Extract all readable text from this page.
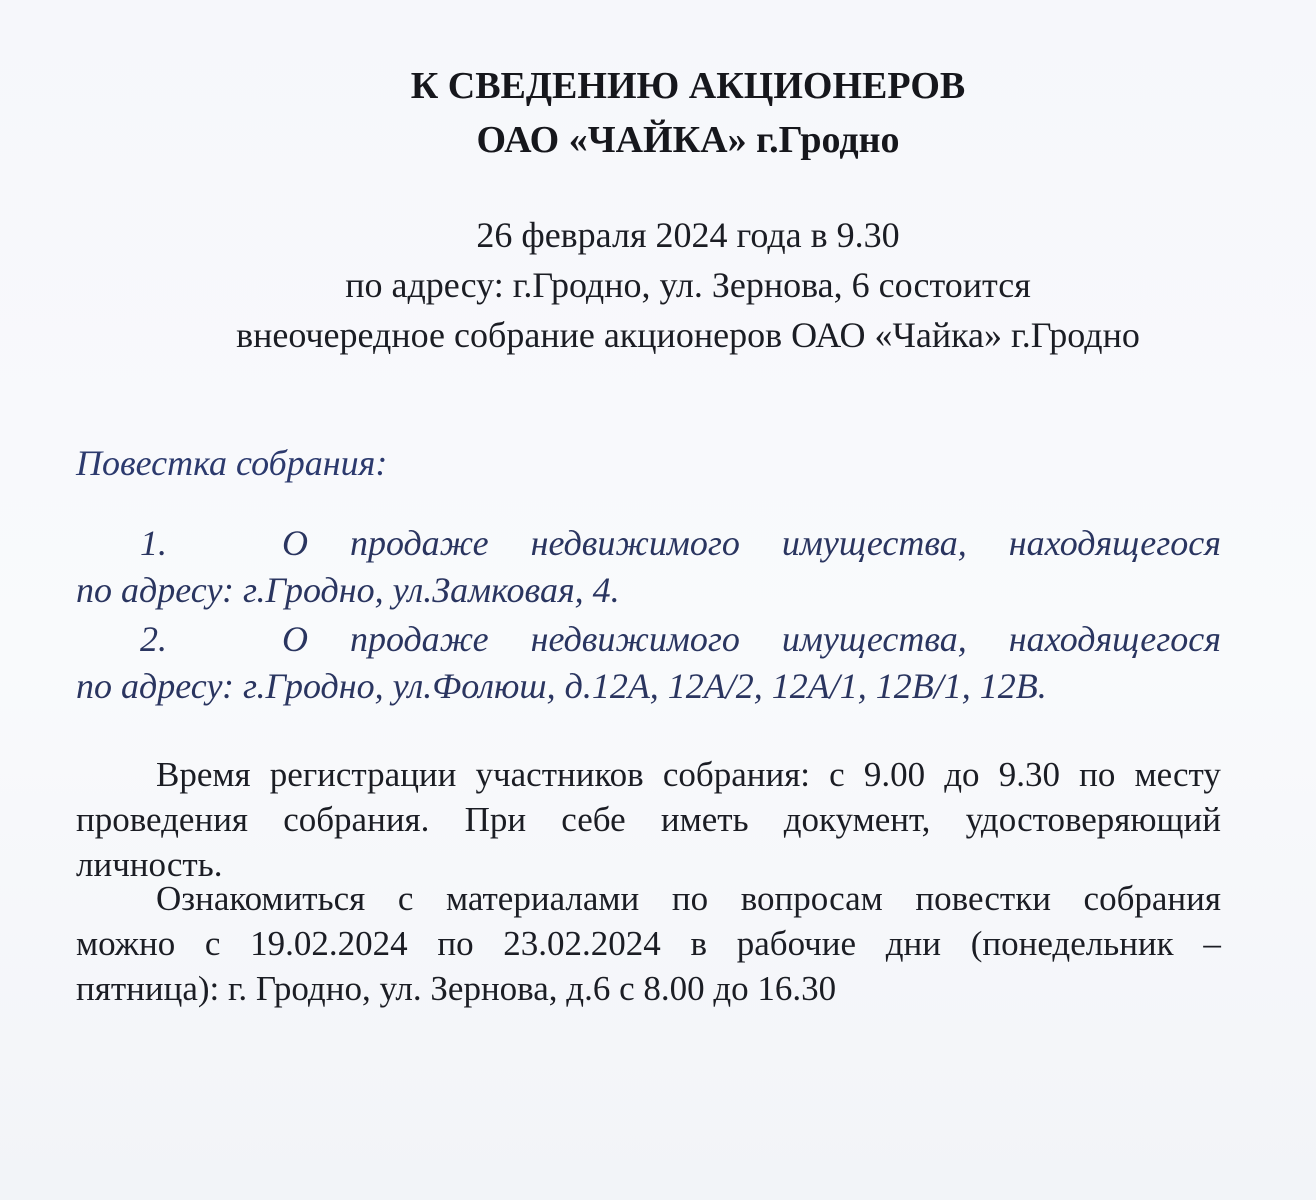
К СВЕДЕНИЮ АКЦИОНЕРОВ
ОАО «ЧАЙКА» г.Гродно

26 февраля 2024 года в 9.30

по адресу: г.Гродно, ул. Зернова, 6 состоится

внеочередное собрание акционеров ОАО «Чайка» г.Гродно

Повестка собрания:
1.	О продаже недвижимого имущества, находящегося
по адресу: г.Гродно, ул.Замковая, 4.
2.	О продаже недвижимого имущества, находящегося
по адресу: г.Гродно, ул.Фолюш, д.12А, 12А/2, 12А/1, 12В/1, 12В.
Время регистрации участников собрания: с 9.00 до 9.30 по месту
проведения собрания. При себе иметь документ, удостоверяющий
личность.
Ознакомиться с материалами по вопросам повестки собрания
можно с 19.02.2024 по 23.02.2024 в рабочие дни (понедельник –
пятница): г. Гродно, ул. Зернова, д.6 с 8.00 до 16.30
